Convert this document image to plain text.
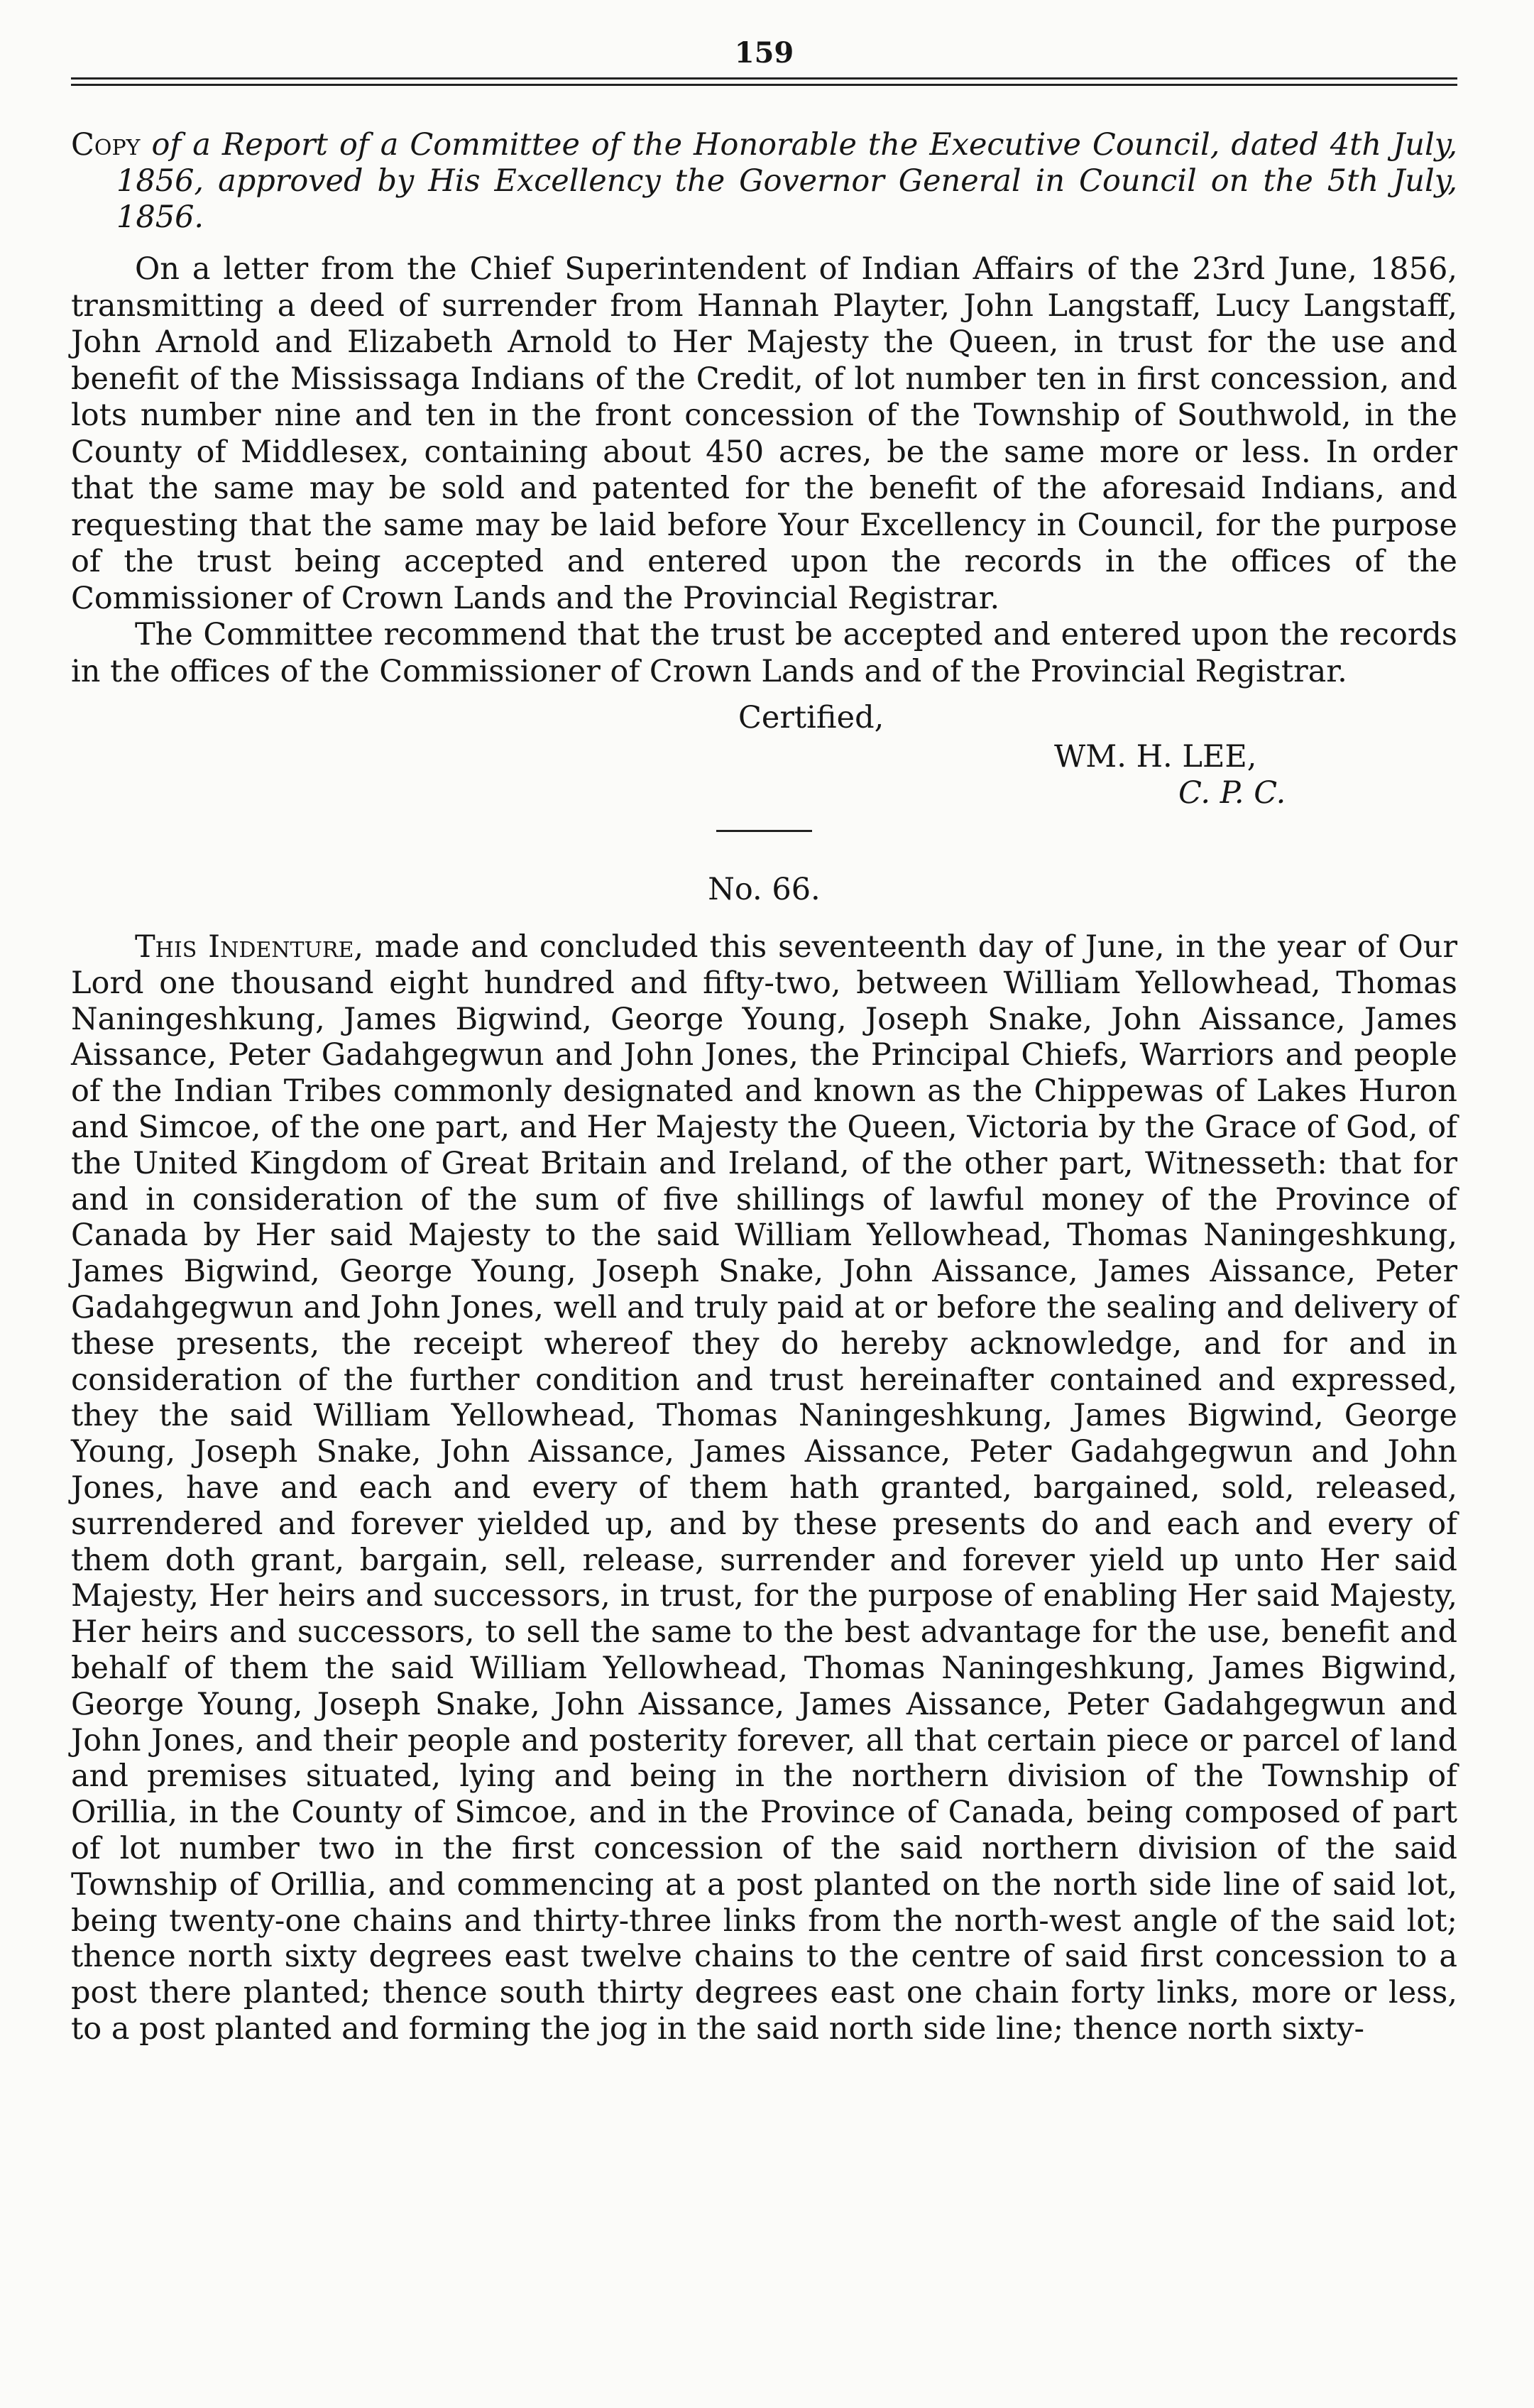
159

Copy of a Report of a Committee of the Honorable the Executive Council, dated 4th July, 1856, approved by His Excellency the Governor General in Council on the 5th July, 1856.

On a letter from the Chief Superintendent of Indian Affairs of the 23rd June, 1856, transmitting a deed of surrender from Hannah Playter, John Langstaff, Lucy Langstaff, John Arnold and Elizabeth Arnold to Her Majesty the Queen, in trust for the use and benefit of the Mississaga Indians of the Credit, of lot number ten in first concession, and lots number nine and ten in the front concession of the Township of Southwold, in the County of Middlesex, containing about 450 acres, be the same more or less. In order that the same may be sold and patented for the benefit of the aforesaid Indians, and requesting that the same may be laid before Your Excellency in Council, for the purpose of the trust being accepted and entered upon the records in the offices of the Commissioner of Crown Lands and the Provincial Registrar.

The Committee recommend that the trust be accepted and entered upon the records in the offices of the Commissioner of Crown Lands and of the Provincial Registrar.

Certified,

WM. H. LEE,

C. P. C.

No. 66.

This Indenture, made and concluded this seventeenth day of June, in the year of Our Lord one thousand eight hundred and fifty-two, between William Yellowhead, Thomas Naningeshkung, James Bigwind, George Young, Joseph Snake, John Aissance, James Aissance, Peter Gadahgegwun and John Jones, the Principal Chiefs, Warriors and people of the Indian Tribes commonly designated and known as the Chippewas of Lakes Huron and Simcoe, of the one part, and Her Majesty the Queen, Victoria by the Grace of God, of the United Kingdom of Great Britain and Ireland, of the other part, Witnesseth: that for and in consideration of the sum of five shillings of lawful money of the Province of Canada by Her said Majesty to the said William Yellowhead, Thomas Naningeshkung, James Bigwind, George Young, Joseph Snake, John Aissance, James Aissance, Peter Gadahgegwun and John Jones, well and truly paid at or before the sealing and delivery of these presents, the receipt whereof they do hereby acknowledge, and for and in consideration of the further condition and trust hereinafter contained and expressed, they the said William Yellowhead, Thomas Naningeshkung, James Bigwind, George Young, Joseph Snake, John Aissance, James Aissance, Peter Gadahgegwun and John Jones, have and each and every of them hath granted, bargained, sold, released, surrendered and forever yielded up, and by these presents do and each and every of them doth grant, bargain, sell, release, surrender and forever yield up unto Her said Majesty, Her heirs and successors, in trust, for the purpose of enabling Her said Majesty, Her heirs and successors, to sell the same to the best advantage for the use, benefit and behalf of them the said William Yellowhead, Thomas Naningeshkung, James Bigwind, George Young, Joseph Snake, John Aissance, James Aissance, Peter Gadahgegwun and John Jones, and their people and posterity forever, all that certain piece or parcel of land and premises situated, lying and being in the northern division of the Township of Orillia, in the County of Simcoe, and in the Province of Canada, being composed of part of lot number two in the first concession of the said northern division of the said Township of Orillia, and commencing at a post planted on the north side line of said lot, being twenty-one chains and thirty-three links from the north-west angle of the said lot; thence north sixty degrees east twelve chains to the centre of said first concession to a post there planted; thence south thirty degrees east one chain forty links, more or less, to a post planted and forming the jog in the said north side line; thence north sixty-
